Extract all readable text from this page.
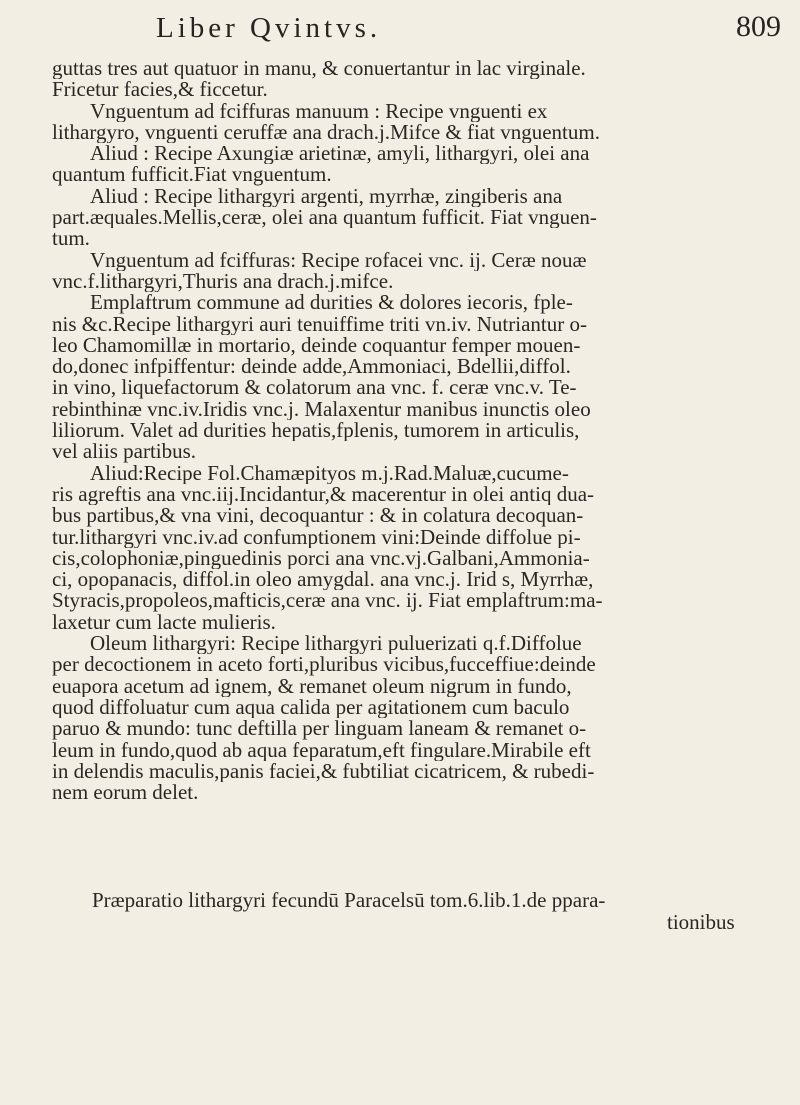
Liber Qvintvs.	809
guttas tres aut quatuor in manu, & conuertantur in lac virginale.
Fricetur facies,& ficcetur.
Vnguentum ad fciffuras manuum : Recipe vnguenti ex
lithargyro, vnguenti ceruffæ ana drach.j.Mifce & fiat vnguentum.
Aliud : Recipe Axungiæ arietinæ, amyli, lithargyri, olei ana
quantum fufficit.Fiat vnguentum.
Aliud : Recipe lithargyri argenti, myrrhæ, zingiberis ana
part.æquales.Mellis,ceræ, olei ana quantum fufficit. Fiat vnguen-
tum.
Vnguentum ad fciffuras: Recipe rofacei vnc. ij. Ceræ nouæ
vnc.f.lithargyri,Thuris ana drach.j.mifce.
Emplaftrum commune ad durities & dolores iecoris, fple-
nis &c.Recipe lithargyri auri tenuiffime triti vn.iv. Nutriantur o-
leo Chamomillæ in mortario, deinde coquantur femper mouen-
do,donec infpiffentur: deinde adde,Ammoniaci, Bdellii,diffol.
in vino, liquefactorum & colatorum ana vnc. f. ceræ vnc.v. Te-
rebinthinæ vnc.iv.Iridis vnc.j. Malaxentur manibus inunctis oleo
liliorum. Valet ad durities hepatis,fplenis, tumorem in articulis,
vel aliis partibus.
Aliud:Recipe Fol.Chamæpityos m.j.Rad.Maluæ,cucume-
ris agreftis ana vnc.iij.Incidantur,& macerentur in olei antiq dua-
bus partibus,& vna vini, decoquantur : & in colatura decoquan-
tur.lithargyri vnc.iv.ad confumptionem vini:Deinde diffolue pi-
cis,colophoniæ,pinguedinis porci ana vnc.vj.Galbani,Ammonia-
ci, opopanacis, diffol.in oleo amygdal. ana vnc.j. Irid s, Myrrhæ,
Styracis,propoleos,mafticis,ceræ ana vnc. ij. Fiat emplaftrum:ma-
laxetur cum lacte mulieris.
Oleum lithargyri: Recipe lithargyri puluerizati q.f.Diffolue
per decoctionem in aceto forti,pluribus vicibus,fucceffiue:deinde
euapora acetum ad ignem, & remanet oleum nigrum in fundo,
quod diffoluatur cum aqua calida per agitationem cum baculo
paruo & mundo: tunc deftilla per linguam laneam & remanet o-
leum in fundo,quod ab aqua feparatum,eft fingulare.Mirabile eft
in delendis maculis,panis faciei,& fubtiliat cicatricem, & rubedi-
nem eorum delet.
Præparatio lithargyri fecundū Paracelsū tom.6.lib.1.de ppara-
tionibus
